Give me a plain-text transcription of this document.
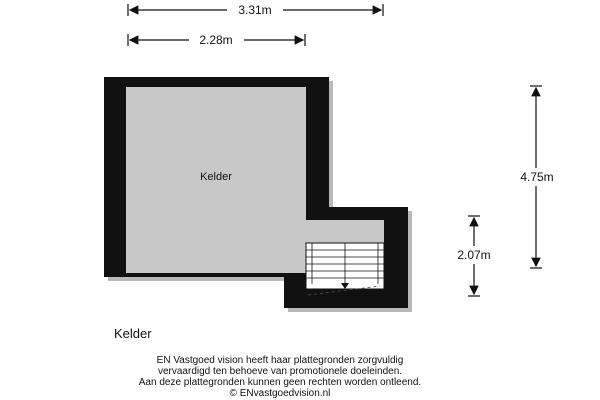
3.31m
2.28m
Kelder	4.75m
2.07m
Kelder
EN Vastgoed vision heeft haar plattegronden zorgvuldig
vervaardigd ten behoeve van promotionele doeleinden.
Aan deze plattegronden kunnen geen rechten worden ontleend.
© ENvastgoedvision.nl
